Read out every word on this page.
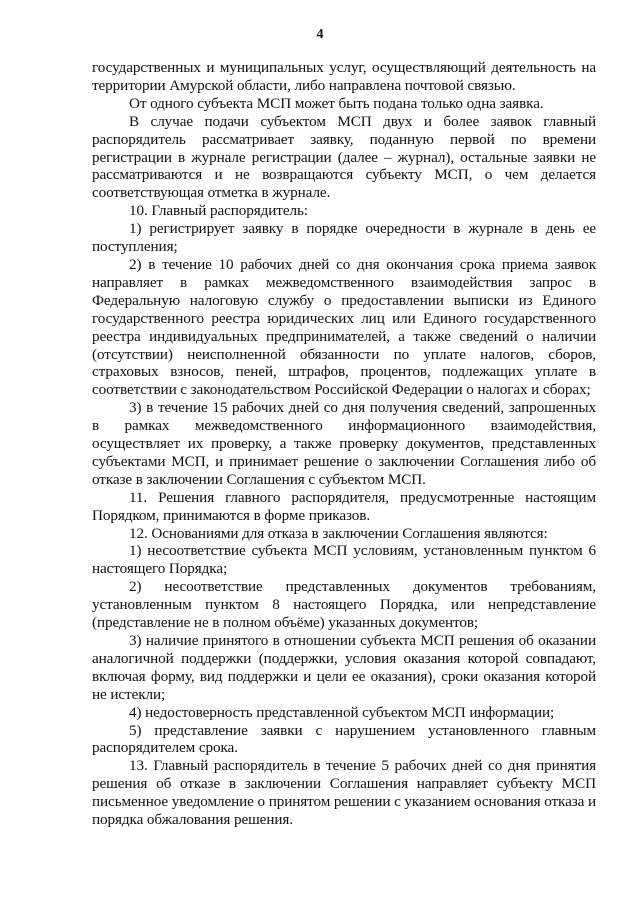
4

государственных и муниципальных услуг, осуществляющий деятельность на территории Амурской области, либо направлена почтовой связью.

От одного субъекта МСП может быть подана только одна заявка.

В случае подачи субъектом МСП двух и более заявок главный распорядитель рассматривает заявку, поданную первой по времени регистрации в журнале регистрации (далее – журнал), остальные заявки не рассматриваются и не возвращаются субъекту МСП, о чем делается соответствующая отметка в журнале.

10. Главный распорядитель:

1) регистрирует заявку в порядке очередности в журнале в день ее поступления;

2) в течение 10 рабочих дней со дня окончания срока приема заявок направляет в рамках межведомственного взаимодействия запрос в Федеральную налоговую службу о предоставлении выписки из Единого государственного реестра юридических лиц или Единого государственного реестра индивидуальных предпринимателей, а также сведений о наличии (отсутствии) неисполненной обязанности по уплате налогов, сборов, страховых взносов, пеней, штрафов, процентов, подлежащих уплате в соответствии с законодательством Российской Федерации о налогах и сборах;

3) в течение 15 рабочих дней со дня получения сведений, запрошенных в рамках межведомственного информационного взаимодействия, осуществляет их проверку, а также проверку документов, представленных субъектами МСП, и принимает решение о заключении Соглашения либо об отказе в заключении Соглашения с субъектом МСП.

11. Решения главного распорядителя, предусмотренные настоящим Порядком, принимаются в форме приказов.

12. Основаниями для отказа в заключении Соглашения являются:

1) несоответствие субъекта МСП условиям, установленным пунктом 6 настоящего Порядка;

2) несоответствие представленных документов требованиям, установленным пунктом 8 настоящего Порядка, или непредставление (представление не в полном объёме) указанных документов;

3) наличие принятого в отношении субъекта МСП решения об оказании аналогичной поддержки (поддержки, условия оказания которой совпадают, включая форму, вид поддержки и цели ее оказания), сроки оказания которой не истекли;

4) недостоверность представленной субъектом МСП информации;

5) представление заявки с нарушением установленного главным распорядителем срока.

13. Главный распорядитель в течение 5 рабочих дней со дня принятия решения об отказе в заключении Соглашения направляет субъекту МСП письменное уведомление о принятом решении с указанием основания отказа и порядка обжалования решения.
